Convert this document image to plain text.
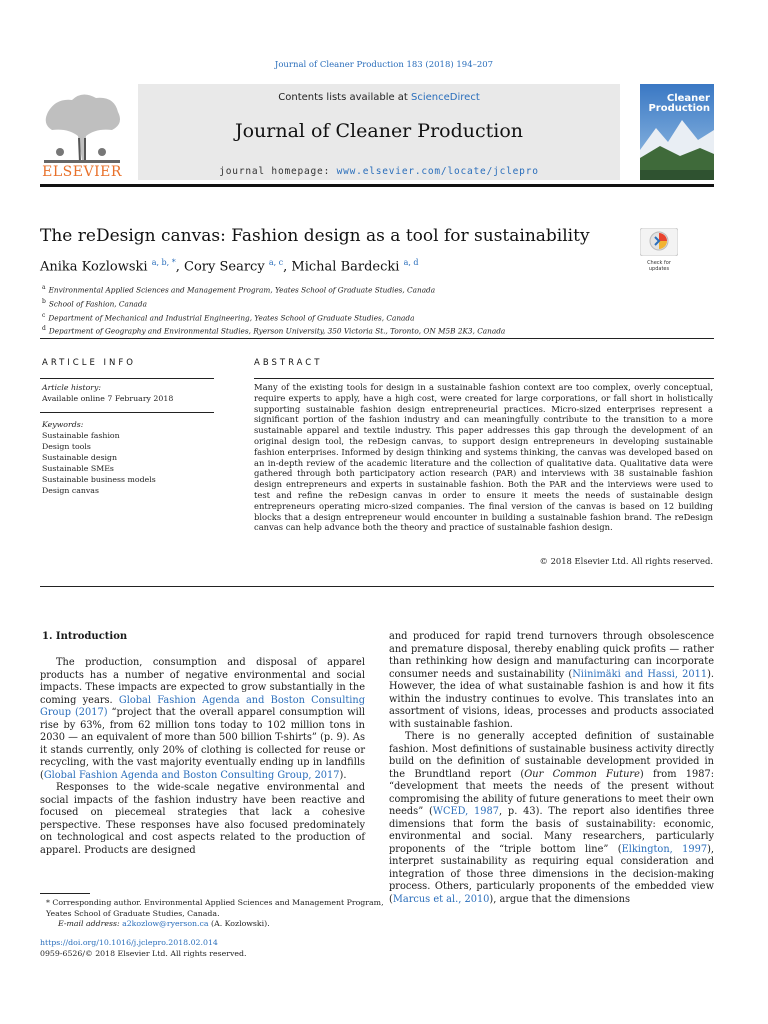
Journal of Cleaner Production 183 (2018) 194–207
ELSEVIER
Contents lists available at ScienceDirect
Journal of Cleaner Production
journal homepage: www.elsevier.com/locate/jclepro
Cleaner
Production
The reDesign canvas: Fashion design as a tool for sustainability
Check for updates
Anika Kozlowski $^{a, b, *}$, Cory Searcy $^{a, c}$, Michal Bardecki $^{a, d}$
$^a$ Environmental Applied Sciences and Management Program, Yeates School of Graduate Studies, Canada
$^b$ School of Fashion, Canada
$^c$ Department of Mechanical and Industrial Engineering, Yeates School of Graduate Studies, Canada
$^d$ Department of Geography and Environmental Studies, Ryerson University, 350 Victoria St., Toronto, ON M5B 2K3, Canada
ARTICLE INFO
Article history:
Available online 7 February 2018
Keywords:
Sustainable fashion
Design tools
Sustainable design
Sustainable SMEs
Sustainable business models
Design canvas
ABSTRACT
Many of the existing tools for design in a sustainable fashion context are too complex, overly conceptual, require experts to apply, have a high cost, were created for large corporations, or fall short in holistically supporting sustainable fashion design entrepreneurial practices. Micro-sized enterprises represent a significant portion of the fashion industry and can meaningfully contribute to the transition to a more sustainable apparel and textile industry. This paper addresses this gap through the development of an original design tool, the reDesign canvas, to support design entrepreneurs in developing sustainable fashion enterprises. Informed by design thinking and systems thinking, the canvas was developed based on an in-depth review of the academic literature and the collection of qualitative data. Qualitative data were gathered through both participatory action research (PAR) and interviews with 38 sustainable fashion design entrepreneurs and experts in sustainable fashion. Both the PAR and the interviews were used to test and refine the reDesign canvas in order to ensure it meets the needs of sustainable design entrepreneurs operating micro-sized companies. The final version of the canvas is based on 12 building blocks that a design entrepreneur would encounter in building a sustainable fashion brand. The reDesign canvas can help advance both the theory and practice of sustainable fashion design.
© 2018 Elsevier Ltd. All rights reserved.
1. Introduction

The production, consumption and disposal of apparel products has a number of negative environmental and social impacts. These impacts are expected to grow substantially in the coming years. Global Fashion Agenda and Boston Consulting Group (2017) “project that the overall apparel consumption will rise by 63%, from 62 million tons today to 102 million tons in 2030 — an equivalent of more than 500 billion T-shirts” (p. 9). As it stands currently, only 20% of clothing is collected for reuse or recycling, with the vast majority eventually ending up in landfills (Global Fashion Agenda and Boston Consulting Group, 2017).

Responses to the wide-scale negative environmental and social impacts of the fashion industry have been reactive and focused on piecemeal strategies that lack a cohesive perspective. These responses have also focused predominately on technological and cost aspects related to the production of apparel. Products are designed

and produced for rapid trend turnovers through obsolescence and premature disposal, thereby enabling quick profits — rather than rethinking how design and manufacturing can incorporate consumer needs and sustainability (Niinimäki and Hassi, 2011). However, the idea of what sustainable fashion is and how it fits within the industry continues to evolve. This translates into an assortment of visions, ideas, processes and products associated with sustainable fashion.

There is no generally accepted definition of sustainable fashion. Most definitions of sustainable business activity directly build on the definition of sustainable development provided in the Brundtland report (Our Common Future) from 1987: “development that meets the needs of the present without compromising the ability of future generations to meet their own needs” (WCED, 1987, p. 43). The report also identifies three dimensions that form the basis of sustainability: economic, environmental and social. Many researchers, particularly proponents of the “triple bottom line” (Elkington, 1997), interpret sustainability as requiring equal consideration and integration of those three dimensions in the decision-making process. Others, particularly proponents of the embedded view (Marcus et al., 2010), argue that the dimensions

* Corresponding author. Environmental Applied Sciences and Management Program, Yeates School of Graduate Studies, Canada.
E-mail address: a2kozlow@ryerson.ca (A. Kozlowski).
https://doi.org/10.1016/j.jclepro.2018.02.014
0959-6526/© 2018 Elsevier Ltd. All rights reserved.
